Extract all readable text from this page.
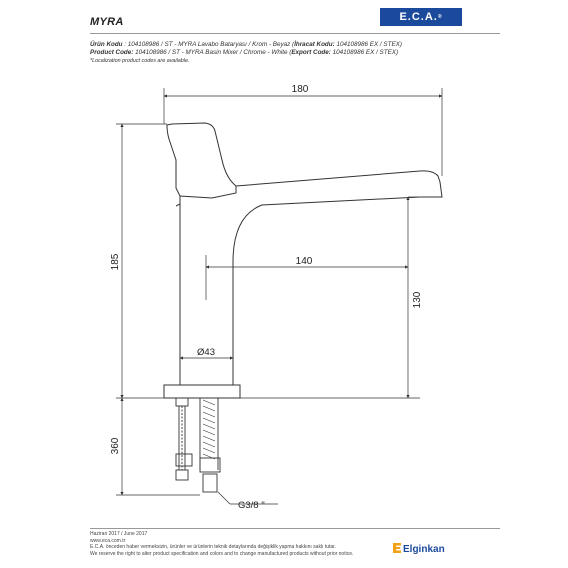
MYRA	E.C.A.®
Ürün Kodu : 104108986 / ST - MYRA Lavabo Bataryası / Krom - Beyaz (İhracat Kodu: 104108986 EX / STEX)
Product Code: 104108986 / ST - MYRA Basin Mixer / Chrome - White (Export Code: 104108986 EX / STEX)
*Localization product codes are available.
180
140
185
130
360
Ø43
G3/8 ''
Haziran 2017 / June 2017
www.eca.com.tr
E.C.A. önceden haber vermeksizin, ürünler ve ürünlerin teknik detaylarında değişiklik yapma hakkını saklı tutar.
We reserve the right to alter product specification and colors and to change manufactured products without prior notice.	Elginkan
